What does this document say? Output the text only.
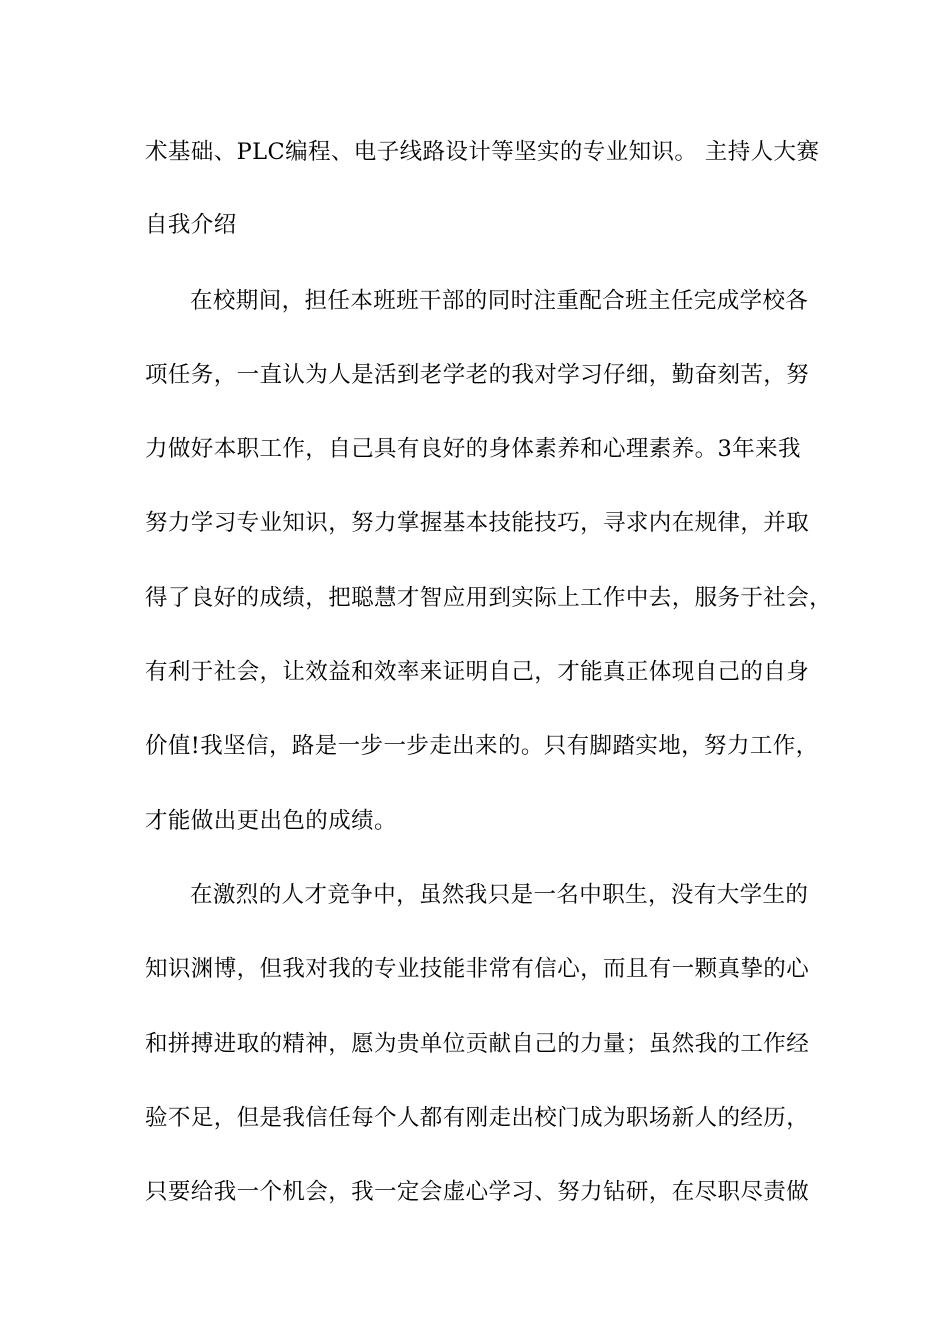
术基础、PLC编程、电子线路设计等坚实的专业知识。 主持人大赛
自我介绍
在校期间，担任本班班干部的同时注重配合班主任完成学校各
项任务，一直认为人是活到老学老的我对学习仔细，勤奋刻苦，努
力做好本职工作，自己具有良好的身体素养和心理素养。3年来我
努力学习专业知识，努力掌握基本技能技巧，寻求内在规律，并取
得了良好的成绩，把聪慧才智应用到实际上工作中去，服务于社会，
有利于社会，让效益和效率来证明自己，才能真正体现自己的自身
价值!我坚信，路是一步一步走出来的。只有脚踏实地，努力工作，
才能做出更出色的成绩。
在激烈的人才竞争中，虽然我只是一名中职生，没有大学生的
知识渊博，但我对我的专业技能非常有信心，而且有一颗真挚的心
和拼搏进取的精神，愿为贵单位贡献自己的力量；虽然我的工作经
验不足，但是我信任每个人都有刚走出校门成为职场新人的经历，
只要给我一个机会，我一定会虚心学习、努力钻研，在尽职尽责做
